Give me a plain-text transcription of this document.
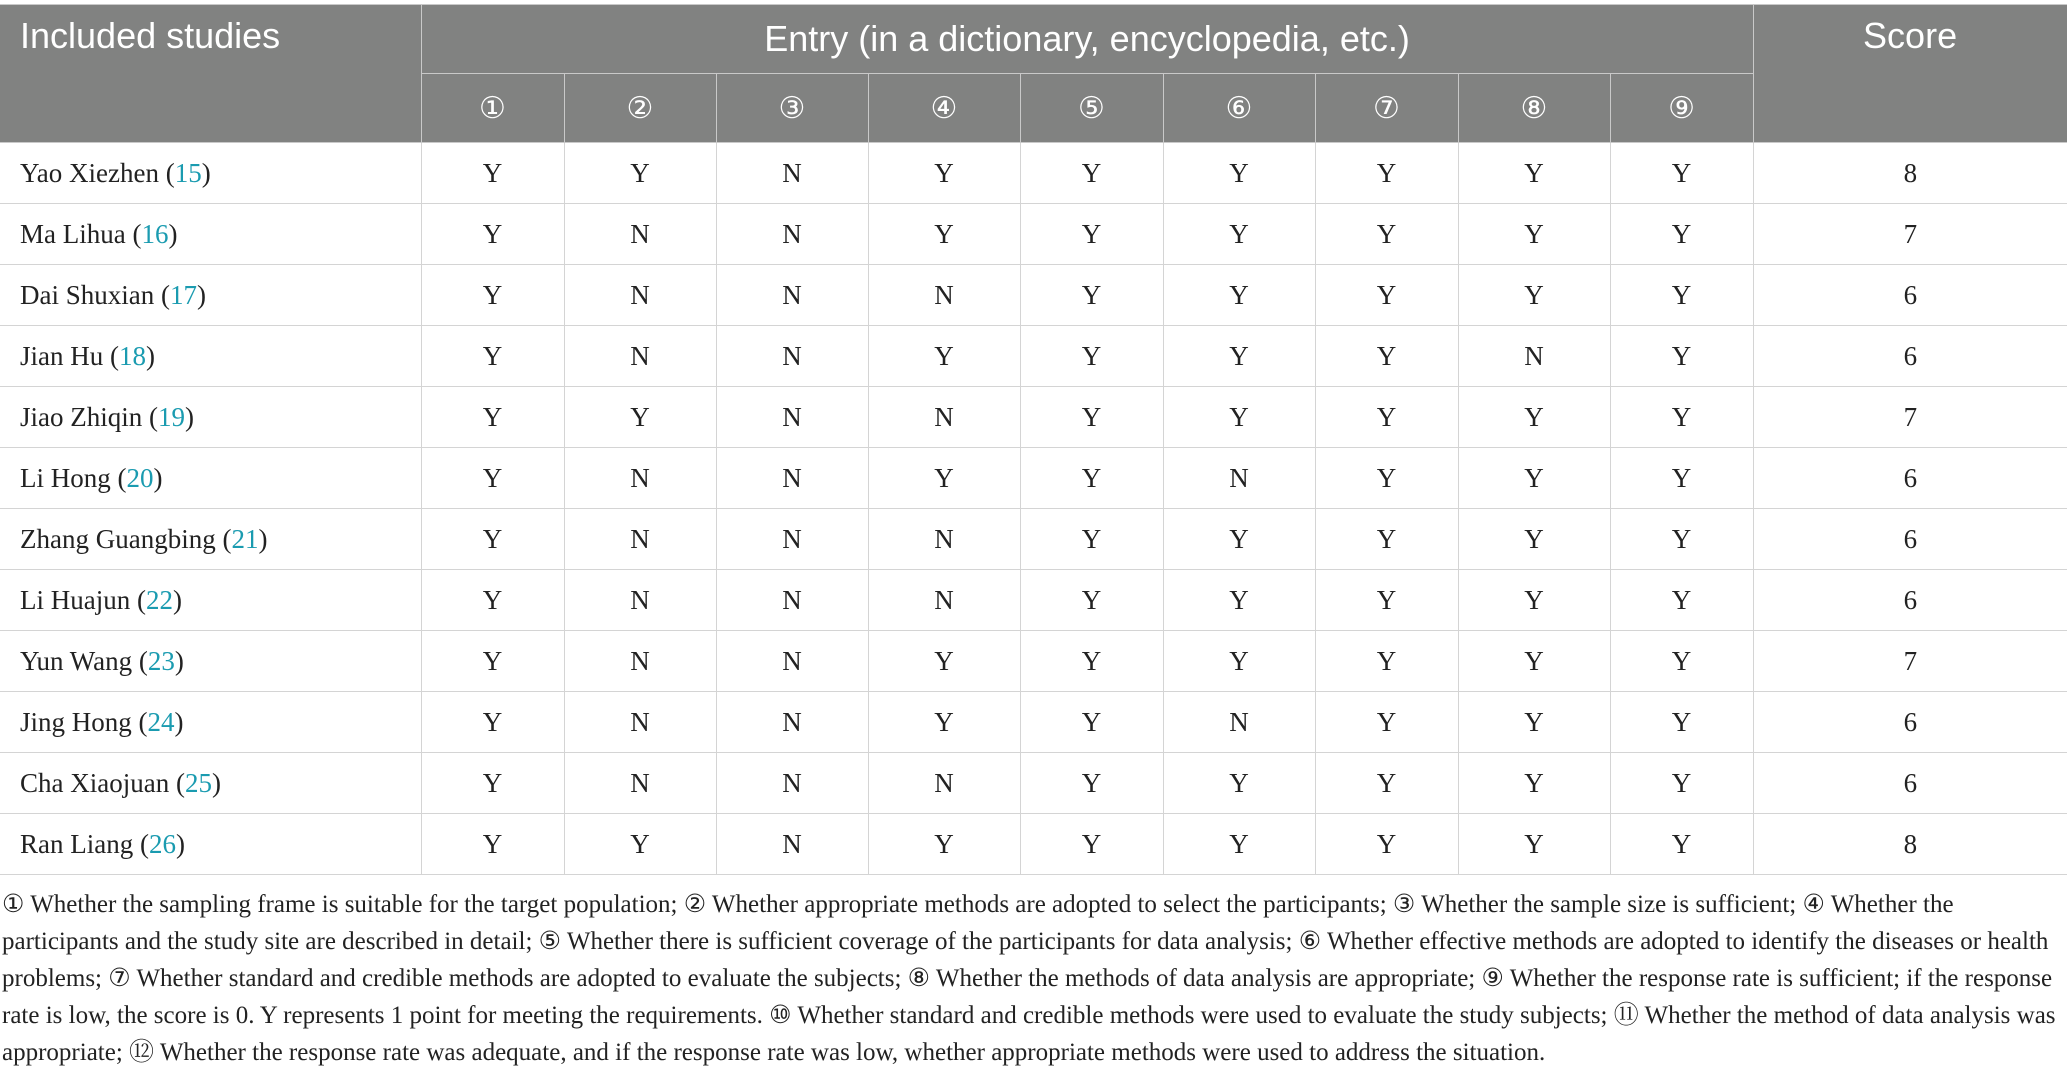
Included studies	Entry (in a dictionary, encyclopedia, etc.)									Score
	①	②	③	④	⑤	⑥	⑦	⑧	⑨	
Yao Xiezhen (15)	Y	Y	N	Y	Y	Y	Y	Y	Y	8
Ma Lihua (16)	Y	N	N	Y	Y	Y	Y	Y	Y	7
Dai Shuxian (17)	Y	N	N	N	Y	Y	Y	Y	Y	6
Jian Hu (18)	Y	N	N	Y	Y	Y	Y	N	Y	6
Jiao Zhiqin (19)	Y	Y	N	N	Y	Y	Y	Y	Y	7
Li Hong (20)	Y	N	N	Y	Y	N	Y	Y	Y	6
Zhang Guangbing (21)	Y	N	N	N	Y	Y	Y	Y	Y	6
Li Huajun (22)	Y	N	N	N	Y	Y	Y	Y	Y	6
Yun Wang (23)	Y	N	N	Y	Y	Y	Y	Y	Y	7
Jing Hong (24)	Y	N	N	Y	Y	N	Y	Y	Y	6
Cha Xiaojuan (25)	Y	N	N	N	Y	Y	Y	Y	Y	6
Ran Liang (26)	Y	Y	N	Y	Y	Y	Y	Y	Y	8
① Whether the sampling frame is suitable for the target population; ② Whether appropriate methods are adopted to select the participants; ③ Whether the sample size is sufficient; ④ Whether the participants and the study site are described in detail; ⑤ Whether there is sufficient coverage of the participants for data analysis; ⑥ Whether effective methods are adopted to identify the diseases or health problems; ⑦ Whether standard and credible methods are adopted to evaluate the subjects; ⑧ Whether the methods of data analysis are appropriate; ⑨ Whether the response rate is sufficient; if the response rate is low, the score is 0. Y represents 1 point for meeting the requirements. ⑩ Whether standard and credible methods were used to evaluate the study subjects; ⑪ Whether the method of data analysis was appropriate; ⑫ Whether the response rate was adequate, and if the response rate was low, whether appropriate methods were used to address the situation.
